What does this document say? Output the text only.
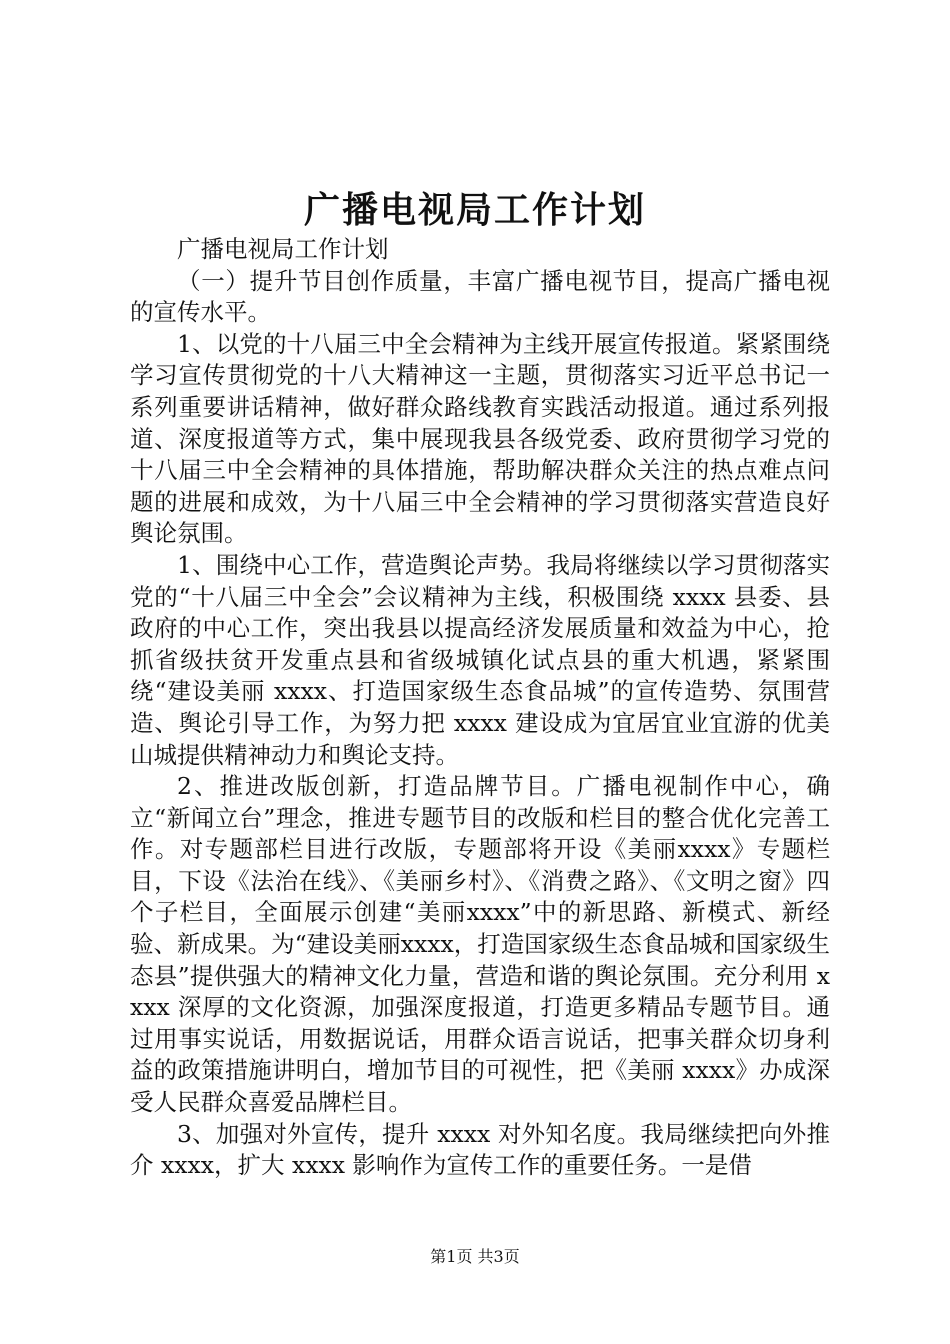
广播电视局工作计划

广播电视局工作计划

（一）提升节目创作质量，丰富广播电视节目，提高广播电视的宣传水平。

1、以党的十八届三中全会精神为主线开展宣传报道。紧紧围绕学习宣传贯彻党的十八大精神这一主题，贯彻落实习近平总书记一系列重要讲话精神，做好群众路线教育实践活动报道。通过系列报道、深度报道等方式，集中展现我县各级党委、政府贯彻学习党的十八届三中全会精神的具体措施，帮助解决群众关注的热点难点问题的进展和成效，为十八届三中全会精神的学习贯彻落实营造良好舆论氛围。

1、围绕中心工作，营造舆论声势。我局将继续以学习贯彻落实党的“十八届三中全会”会议精神为主线，积极围绕 xxxx 县委、县政府的中心工作，突出我县以提高经济发展质量和效益为中心，抢抓省级扶贫开发重点县和省级城镇化试点县的重大机遇，紧紧围绕“建设美丽 xxxx、打造国家级生态食品城”的宣传造势、氛围营造、舆论引导工作，为努力把 xxxx 建设成为宜居宜业宜游的优美山城提供精神动力和舆论支持。

2、推进改版创新，打造品牌节目。广播电视制作中心，确立“新闻立台”理念，推进专题节目的改版和栏目的整合优化完善工作。对专题部栏目进行改版，专题部将开设《美丽xxxx》专题栏目，下设《法治在线》、《美丽乡村》、《消费之路》、《文明之窗》四个子栏目，全面展示创建“美丽xxxx”中的新思路、新模式、新经验、新成果。为“建设美丽xxxx，打造国家级生态食品城和国家级生态县”提供强大的精神文化力量，营造和谐的舆论氛围。充分利用 xxxx 深厚的文化资源，加强深度报道，打造更多精品专题节目。通过用事实说话，用数据说话，用群众语言说话，把事关群众切身利益的政策措施讲明白，增加节目的可视性，把《美丽 xxxx》办成深受人民群众喜爱品牌栏目。

3、加强对外宣传，提升 xxxx 对外知名度。我局继续把向外推介 xxxx，扩大 xxxx 影响作为宣传工作的重要任务。一是借

第1页 共3页
